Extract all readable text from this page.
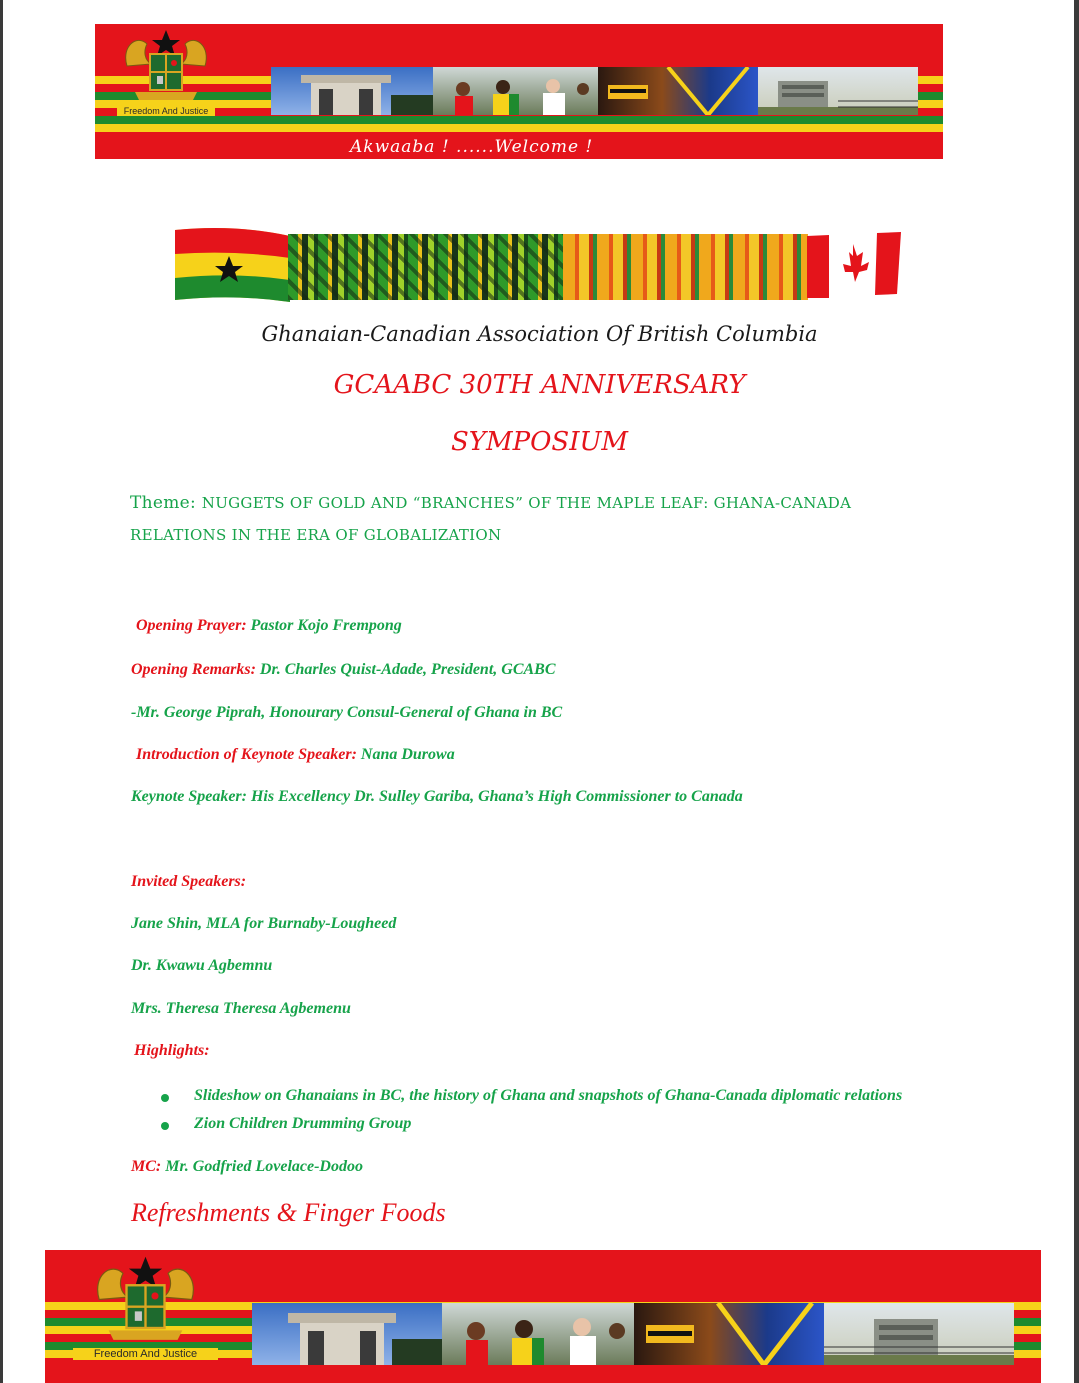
Freedom And Justice
Akwaaba ! ......Welcome !
Ghanaian-Canadian Association Of British Columbia
GCAABC 30TH ANNIVERSARY
SYMPOSIUM
Theme: NUGGETS OF GOLD AND “BRANCHES” OF THE MAPLE LEAF: GHANA-CANADA RELATIONS IN THE ERA OF GLOBALIZATION
Opening Prayer: Pastor Kojo Frempong
Opening Remarks: Dr. Charles Quist-Adade, President, GCABC
-Mr. George Piprah, Honourary Consul-General of Ghana in BC
Introduction of Keynote Speaker: Nana Durowa
Keynote Speaker: His Excellency Dr. Sulley Gariba, Ghana’s High Commissioner to Canada
Invited Speakers:
Jane Shin, MLA for Burnaby-Lougheed
Dr. Kwawu Agbemnu
Mrs. Theresa Theresa Agbemenu
Highlights:
Slideshow on Ghanaians in BC, the history of Ghana and snapshots of Ghana-Canada diplomatic relations
Zion Children Drumming Group
MC: Mr. Godfried Lovelace-Dodoo
Refreshments & Finger Foods
Freedom And Justice
